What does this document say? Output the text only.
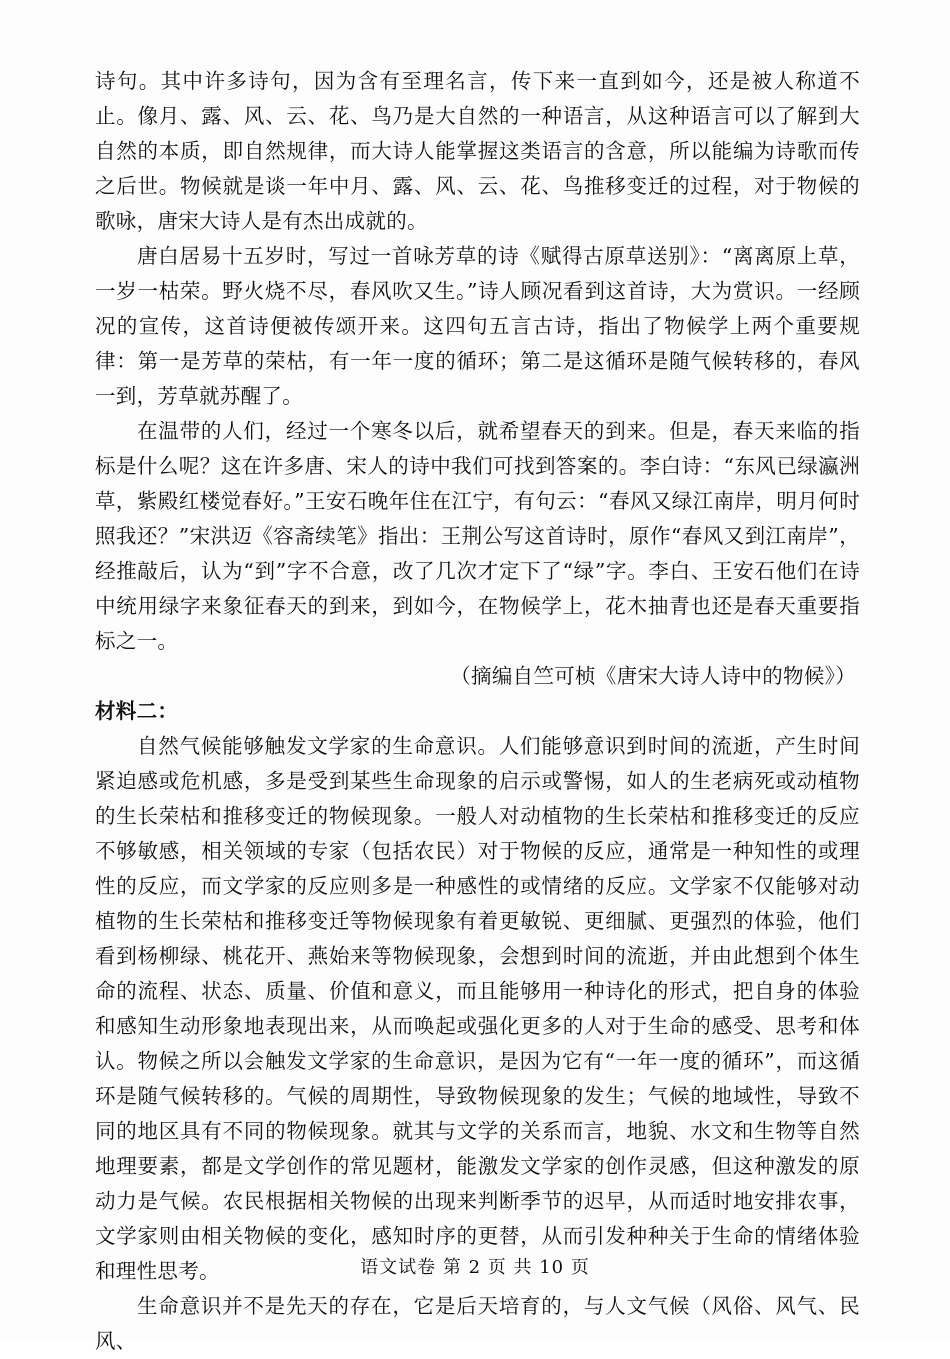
诗句。其中许多诗句，因为含有至理名言，传下来一直到如今，还是被人称道不止。像月、露、风、云、花、鸟乃是大自然的一种语言，从这种语言可以了解到大自然的本质，即自然规律，而大诗人能掌握这类语言的含意，所以能编为诗歌而传之后世。物候就是谈一年中月、露、风、云、花、鸟推移变迁的过程，对于物候的歌咏，唐宋大诗人是有杰出成就的。

唐白居易十五岁时，写过一首咏芳草的诗《赋得古原草送别》：“离离原上草，一岁一枯荣。野火烧不尽，春风吹又生。”诗人顾况看到这首诗，大为赏识。一经顾况的宣传，这首诗便被传颂开来。这四句五言古诗，指出了物候学上两个重要规律：第一是芳草的荣枯，有一年一度的循环；第二是这循环是随气候转移的，春风一到，芳草就苏醒了。

在温带的人们，经过一个寒冬以后，就希望春天的到来。但是，春天来临的指标是什么呢？这在许多唐、宋人的诗中我们可找到答案的。李白诗：“东风已绿瀛洲草，紫殿红楼觉春好。”王安石晚年住在江宁，有句云：“春风又绿江南岸，明月何时照我还？”宋洪迈《容斋续笔》指出：王荆公写这首诗时，原作“春风又到江南岸”，经推敲后，认为“到”字不合意，改了几次才定下了“绿”字。李白、王安石他们在诗中统用绿字来象征春天的到来，到如今，在物候学上，花木抽青也还是春天重要指标之一。

（摘编自竺可桢《唐宋大诗人诗中的物候》）

材料二：

自然气候能够触发文学家的生命意识。人们能够意识到时间的流逝，产生时间紧迫感或危机感，多是受到某些生命现象的启示或警惕，如人的生老病死或动植物的生长荣枯和推移变迁的物候现象。一般人对动植物的生长荣枯和推移变迁的反应不够敏感，相关领域的专家（包括农民）对于物候的反应，通常是一种知性的或理性的反应，而文学家的反应则多是一种感性的或情绪的反应。文学家不仅能够对动植物的生长荣枯和推移变迁等物候现象有着更敏锐、更细腻、更强烈的体验，他们看到杨柳绿、桃花开、燕始来等物候现象，会想到时间的流逝，并由此想到个体生命的流程、状态、质量、价值和意义，而且能够用一种诗化的形式，把自身的体验和感知生动形象地表现出来，从而唤起或强化更多的人对于生命的感受、思考和体认。物候之所以会触发文学家的生命意识，是因为它有“一年一度的循环”，而这循环是随气候转移的。气候的周期性，导致物候现象的发生；气候的地域性，导致不同的地区具有不同的物候现象。就其与文学的关系而言，地貌、水文和生物等自然地理要素，都是文学创作的常见题材，能激发文学家的创作灵感，但这种激发的原动力是气候。农民根据相关物候的出现来判断季节的迟早，从而适时地安排农事，文学家则由相关物候的变化，感知时序的更替，从而引发种种关于生命的情绪体验和理性思考。

生命意识并不是先天的存在，它是后天培育的，与人文气候（风俗、风气、民风、

语文试卷 第 2 页 共 10 页
